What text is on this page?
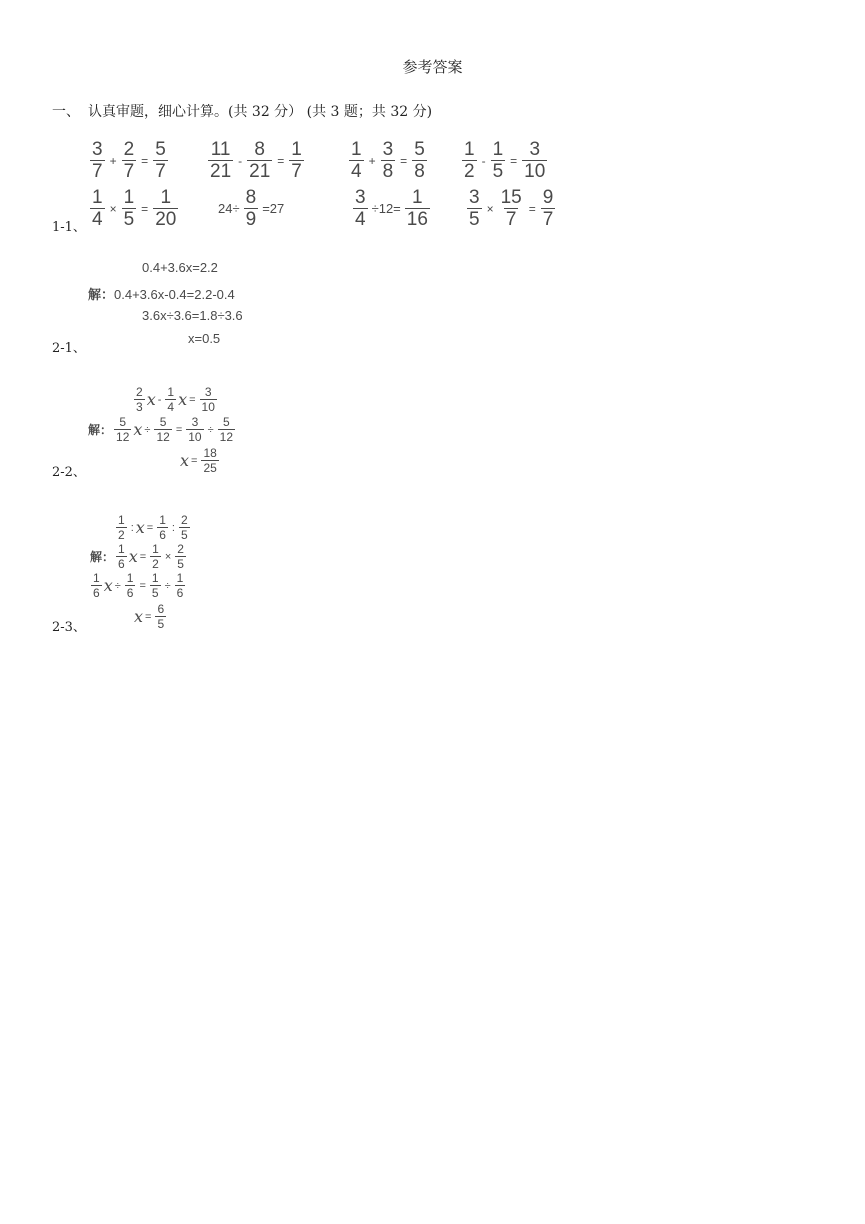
参考答案
一、 认真审题，细心计算。(共 32 分） (共 3 题；共 32 分)
1-1、
$\frac{3}{7} + \frac{2}{7} = \frac{5}{7} \frac{11}{21} - \frac{8}{21} = \frac{1}{7} \frac{1}{4} + \frac{3}{8} = \frac{5}{8} \frac{1}{2} - \frac{1}{5} = \frac{3}{10}$
$\frac{1}{4} \times \frac{1}{5} = \frac{1}{20}$	$24\div \frac{8}{9} =27$	$\frac{3}{4} \div 12= \frac{1}{16} \frac{3}{5} \times \frac{15}{7} = \frac{9}{7}$
2-1、
0.4+3.6x=2.2
解：0.4+3.6x-0.4=2.2-0.4
3.6x÷3.6=1.8÷3.6
x=0.5
2-2、
$\frac{2}{3}$ x - $\frac{1}{4}$ $x = \frac{3}{10}$
解： $\frac{5}{12}$ $x \div \frac{5}{12} = \frac{3}{10} \div \frac{5}{12}$
$x = \frac{18}{25}$
2-3、
$\frac{1}{2}$ : $x = \frac{1}{6}$ : $\frac{2}{5}$
解： $\frac{1}{6}$ $x = \frac{1}{2} \times \frac{2}{5}$
$\frac{1}{6}$ $x \div \frac{1}{6} = \frac{1}{5} \div \frac{1}{6}$
$x = \frac{6}{5}$
